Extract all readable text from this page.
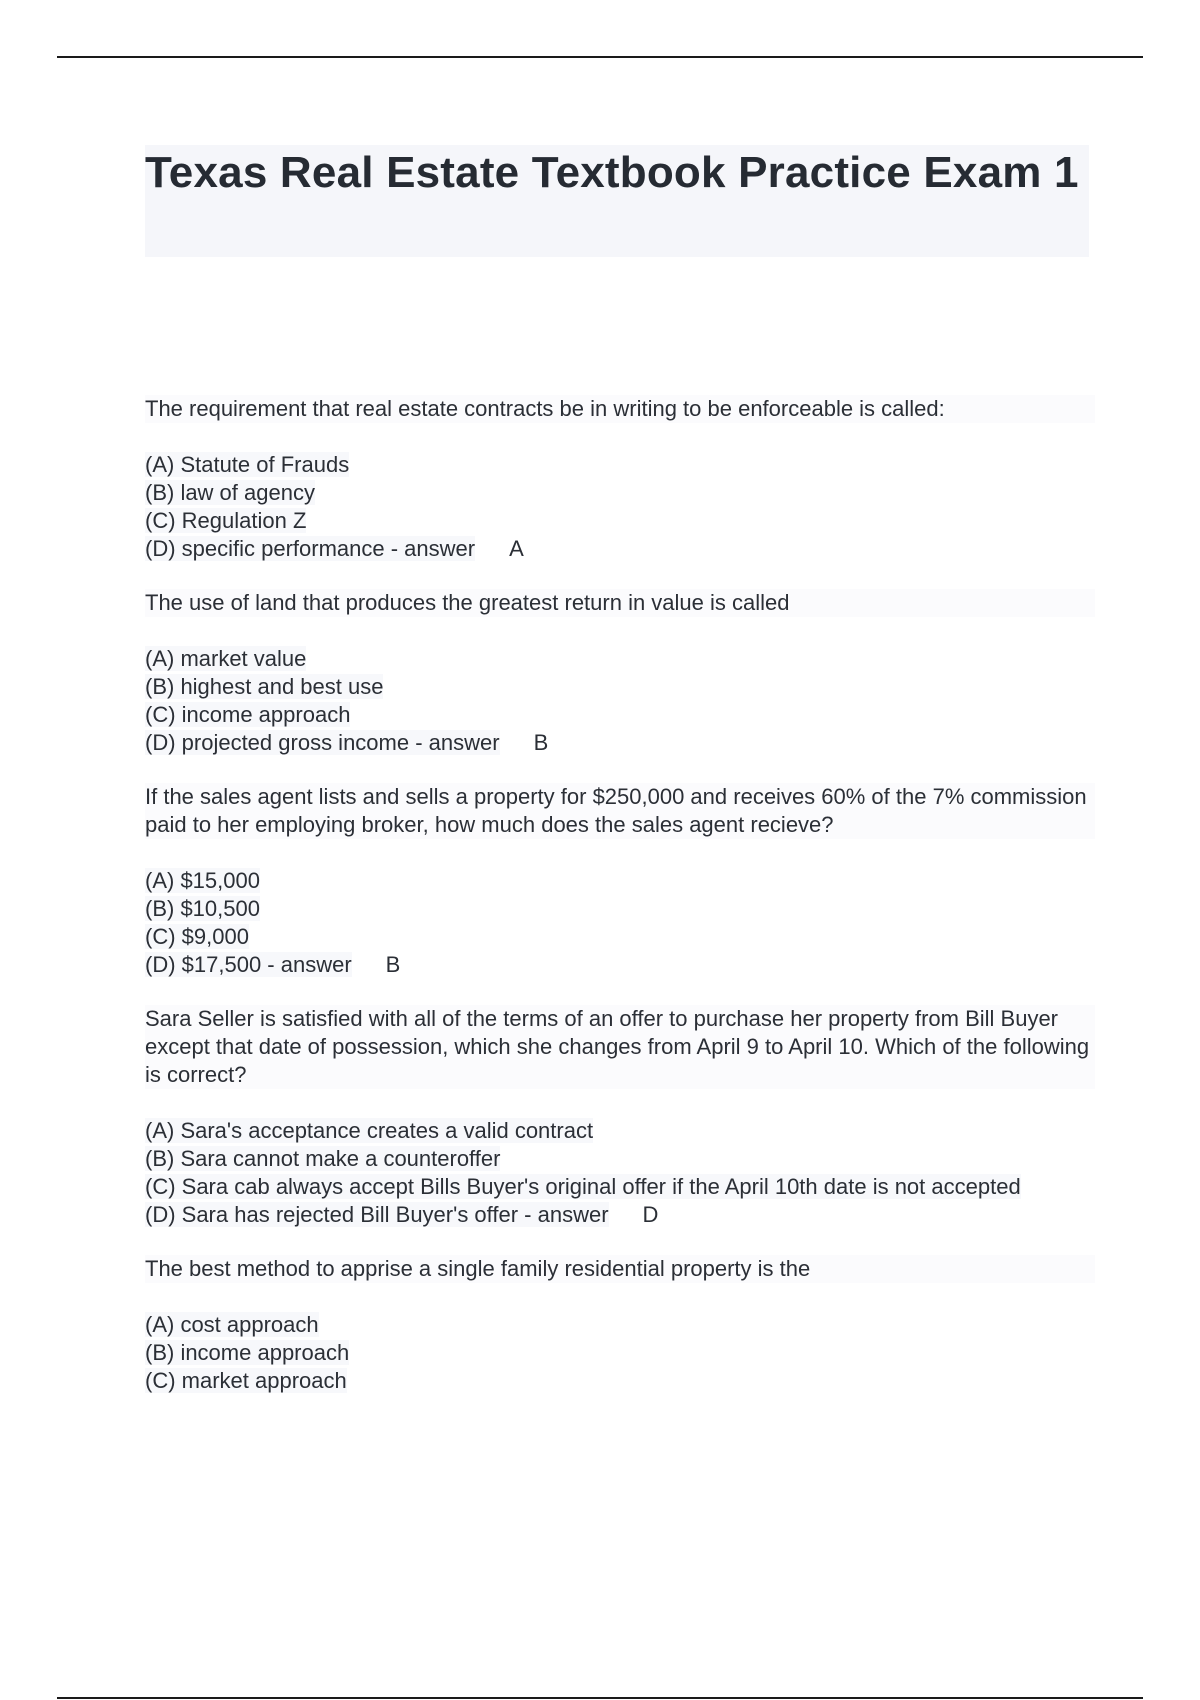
Texas Real Estate Textbook Practice Exam 1

The requirement that real estate contracts be in writing to be enforceable is called:

(A) Statute of Frauds
(B) law of agency
(C) Regulation Z
(D) specific performance - answer A

The use of land that produces the greatest return in value is called

(A) market value
(B) highest and best use
(C) income approach
(D) projected gross income - answer B

If the sales agent lists and sells a property for $250,000 and receives 60% of the 7% commission paid to her employing broker, how much does the sales agent recieve?

(A) $15,000
(B) $10,500
(C) $9,000
(D) $17,500 - answer B

Sara Seller is satisfied with all of the terms of an offer to purchase her property from Bill Buyer except that date of possession, which she changes from April 9 to April 10. Which of the following is correct?

(A) Sara's acceptance creates a valid contract
(B) Sara cannot make a counteroffer
(C) Sara cab always accept Bills Buyer's original offer if the April 10th date is not accepted
(D) Sara has rejected Bill Buyer's offer - answer D

The best method to apprise a single family residential property is the

(A) cost approach
(B) income approach
(C) market approach
